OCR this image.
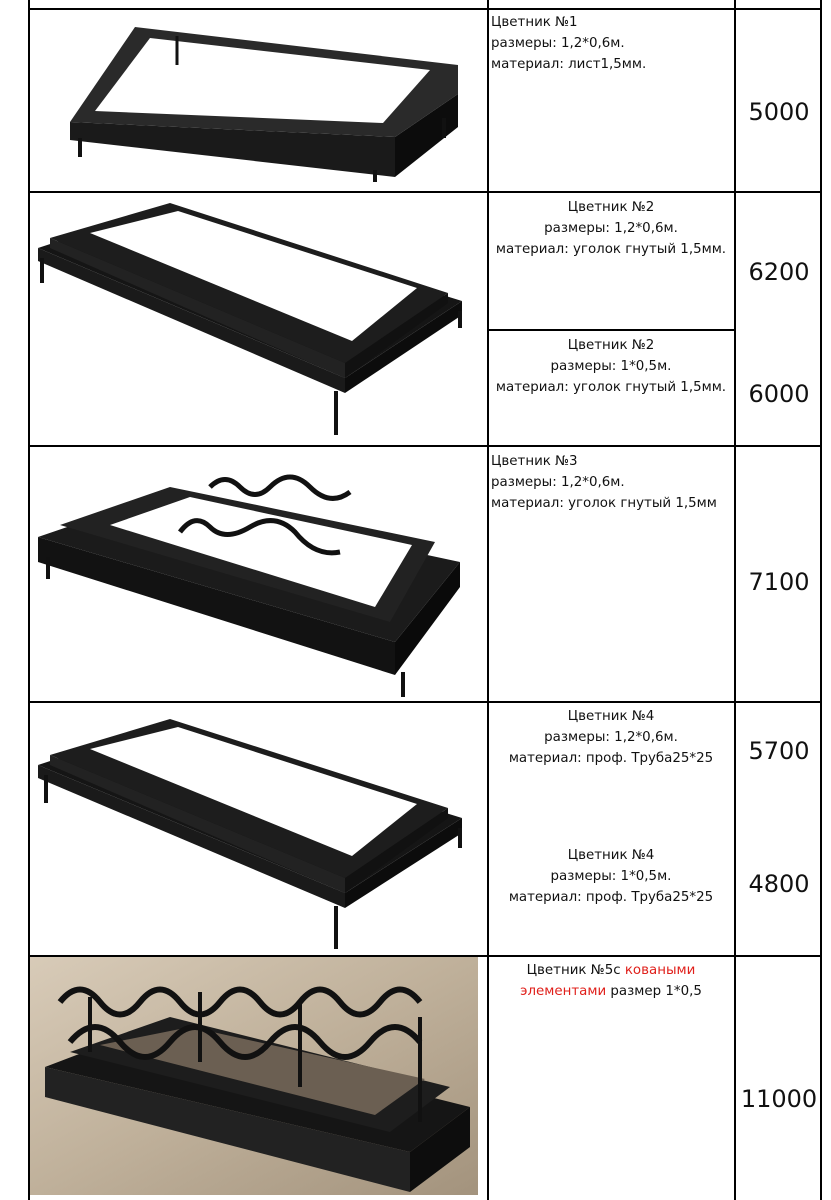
Цветник №1
размеры: 1,2*0,6м.
материал: лист1,5мм.
5000
Цветник №2
размеры: 1,2*0,6м.
материал: уголок гнутый 1,5мм.
6200
Цветник №2
размеры: 1*0,5м.
материал: уголок гнутый 1,5мм. 6000
Цветник №3
размеры: 1,2*0,6м.
материал: уголок гнутый 1,5мм
7100
Цветник №4
размеры: 1,2*0,6м.
материал: проф. Труба25*25	5700
Цветник №4
размеры: 1*0,5м.
материал: проф. Труба25*25	4800
Цветник №5с коваными
элементами размер 1*0,5
11000
